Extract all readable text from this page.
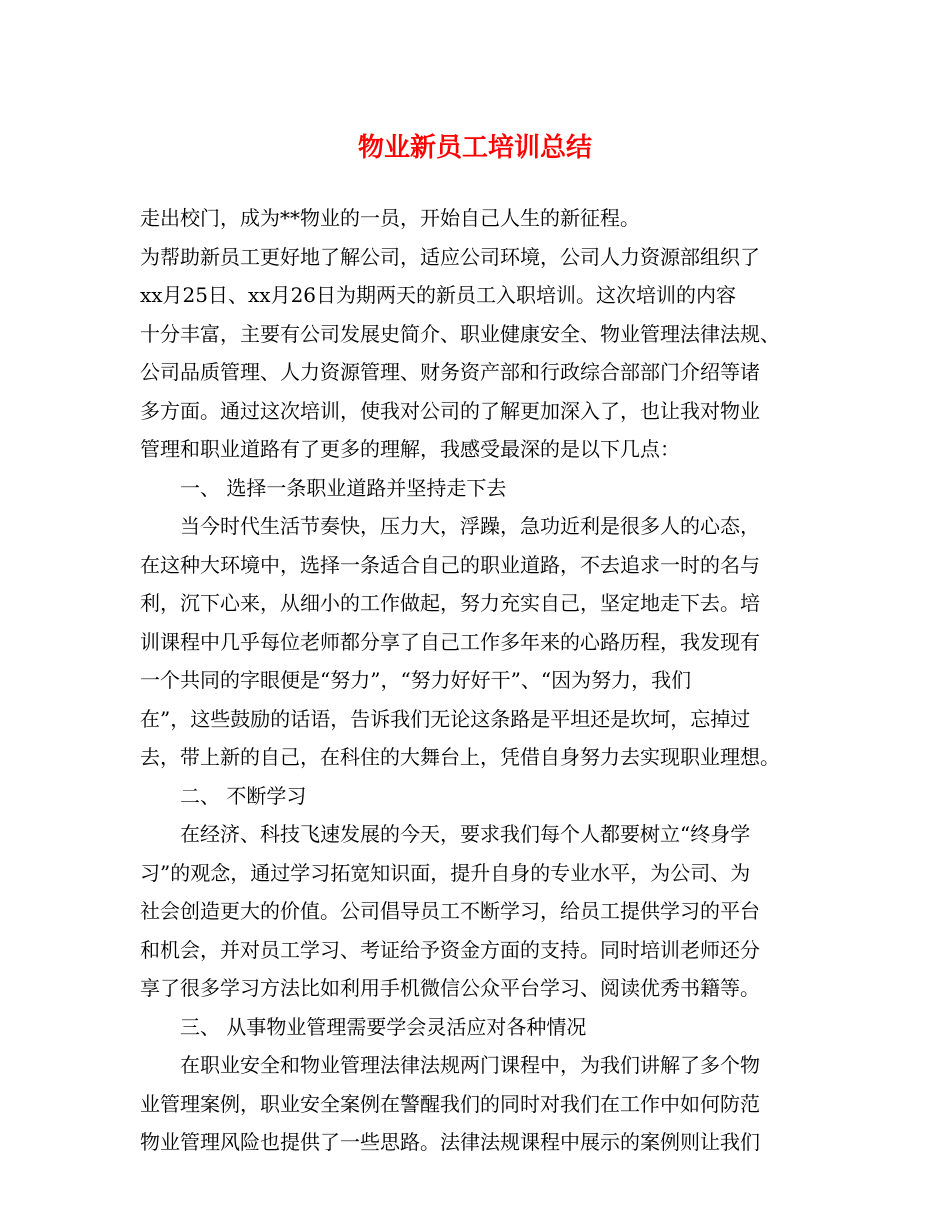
物业新员工培训总结
走出校门，成为**物业的一员，开始自己人生的新征程。
为帮助新员工更好地了解公司，适应公司环境，公司人力资源部组织了
xx月25日、xx月26日为期两天的新员工入职培训。这次培训的内容
十分丰富，主要有公司发展史简介、职业健康安全、物业管理法律法规、
公司品质管理、人力资源管理、财务资产部和行政综合部部门介绍等诸
多方面。通过这次培训，使我对公司的了解更加深入了，也让我对物业
管理和职业道路有了更多的理解，我感受最深的是以下几点：
一、 选择一条职业道路并坚持走下去
当今时代生活节奏快，压力大，浮躁，急功近利是很多人的心态，
在这种大环境中，选择一条适合自己的职业道路，不去追求一时的名与
利，沉下心来，从细小的工作做起，努力充实自己，坚定地走下去。培
训课程中几乎每位老师都分享了自己工作多年来的心路历程，我发现有
一个共同的字眼便是“努力”，“努力好好干”、“因为努力，我们
在”，这些鼓励的话语，告诉我们无论这条路是平坦还是坎坷，忘掉过
去，带上新的自己，在科住的大舞台上，凭借自身努力去实现职业理想。
二、 不断学习
在经济、科技飞速发展的今天，要求我们每个人都要树立“终身学
习”的观念，通过学习拓宽知识面，提升自身的专业水平，为公司、为
社会创造更大的价值。公司倡导员工不断学习，给员工提供学习的平台
和机会，并对员工学习、考证给予资金方面的支持。同时培训老师还分
享了很多学习方法比如利用手机微信公众平台学习、阅读优秀书籍等。
三、 从事物业管理需要学会灵活应对各种情况
在职业安全和物业管理法律法规两门课程中，为我们讲解了多个物
业管理案例，职业安全案例在警醒我们的同时对我们在工作中如何防范
物业管理风险也提供了一些思路。法律法规课程中展示的案例则让我们
